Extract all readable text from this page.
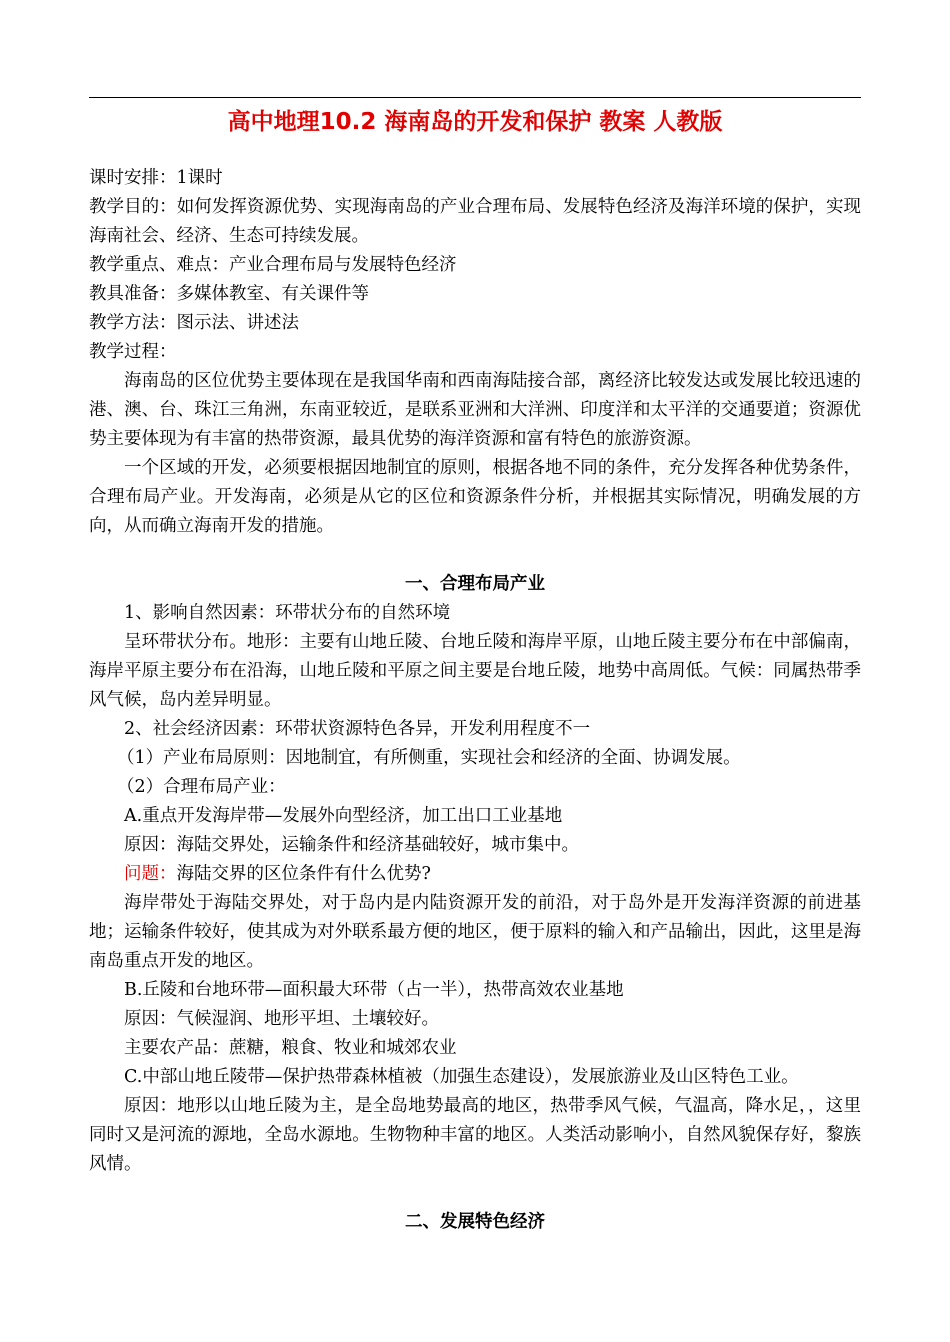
高中地理10.2 海南岛的开发和保护 教案 人教版

课时安排：1课时

教学目的：如何发挥资源优势、实现海南岛的产业合理布局、发展特色经济及海洋环境的保护，实现海南社会、经济、生态可持续发展。

教学重点、难点：产业合理布局与发展特色经济

教具准备：多媒体教室、有关课件等

教学方法：图示法、讲述法

教学过程：

海南岛的区位优势主要体现在是我国华南和西南海陆接合部，离经济比较发达或发展比较迅速的港、澳、台、珠江三角洲，东南亚较近，是联系亚洲和大洋洲、印度洋和太平洋的交通要道；资源优势主要体现为有丰富的热带资源，最具优势的海洋资源和富有特色的旅游资源。

一个区域的开发，必须要根据因地制宜的原则，根据各地不同的条件，充分发挥各种优势条件，合理布局产业。开发海南，必须是从它的区位和资源条件分析，并根据其实际情况，明确发展的方向，从而确立海南开发的措施。

一、合理布局产业

1、影响自然因素：环带状分布的自然环境

呈环带状分布。地形：主要有山地丘陵、台地丘陵和海岸平原，山地丘陵主要分布在中部偏南，海岸平原主要分布在沿海，山地丘陵和平原之间主要是台地丘陵，地势中高周低。气候：同属热带季风气候，岛内差异明显。

2、社会经济因素：环带状资源特色各异，开发利用程度不一

（1）产业布局原则：因地制宜，有所侧重，实现社会和经济的全面、协调发展。

（2）合理布局产业：

A.重点开发海岸带—发展外向型经济，加工出口工业基地

原因：海陆交界处，运输条件和经济基础较好，城市集中。

问题：海陆交界的区位条件有什么优势?

海岸带处于海陆交界处，对于岛内是内陆资源开发的前沿，对于岛外是开发海洋资源的前进基地；运输条件较好，使其成为对外联系最方便的地区，便于原料的输入和产品输出，因此，这里是海南岛重点开发的地区。

B.丘陵和台地环带—面积最大环带（占一半），热带高效农业基地

原因：气候湿润、地形平坦、土壤较好。

主要农产品：蔗糖，粮食、牧业和城郊农业

C.中部山地丘陵带—保护热带森林植被（加强生态建设），发展旅游业及山区特色工业。

原因：地形以山地丘陵为主，是全岛地势最高的地区，热带季风气候，气温高，降水足，，这里同时又是河流的源地，全岛水源地。生物物种丰富的地区。人类活动影响小，自然风貌保存好，黎族风情。

二、发展特色经济
